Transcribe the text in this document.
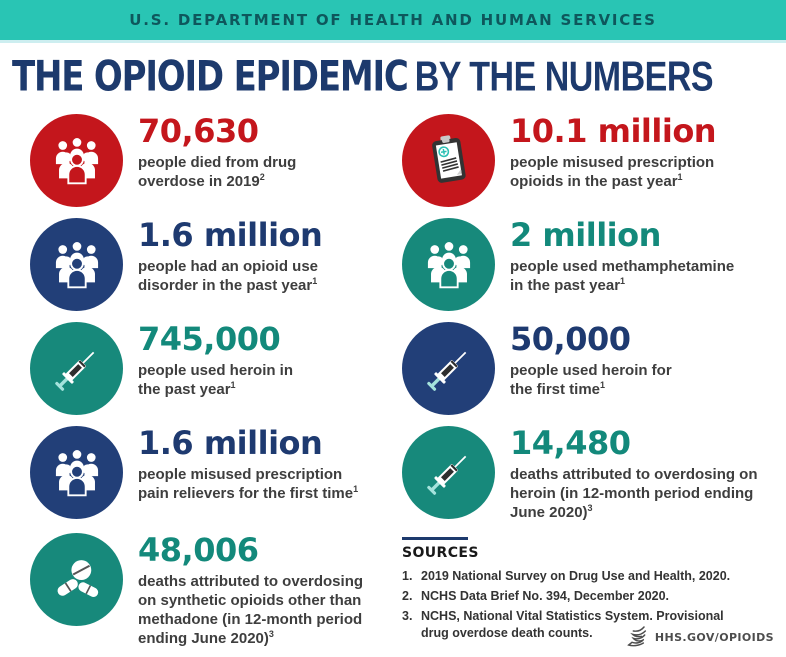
U.S. DEPARTMENT OF HEALTH AND HUMAN SERVICES
THE OPIOID EPIDEMIC BY THE NUMBERS
70,630

people died from drug overdose in 2019$^2$

10.1 million

people misused prescription opioids in the past year$^1$

1.6 million

people had an opioid use disorder in the past year$^1$

2 million

people used methamphetamine in the past year$^1$

745,000

people used heroin in the past year$^1$

50,000

people used heroin for the first time$^1$

1.6 million

people misused prescription pain relievers for the first time$^1$

14,480

deaths attributed to overdosing on heroin (in 12-month period ending June 2020)$^3$

48,006

deaths attributed to overdosing on synthetic opioids other than methadone (in 12-month period ending June 2020)$^3$

SOURCES
1. 2019 National Survey on Drug Use and Health, 2020.
2. NCHS Data Brief No. 394, December 2020.
3. NCHS, National Vital Statistics System. Provisional drug overdose death counts.	HHS.GOV/OPIOIDS
